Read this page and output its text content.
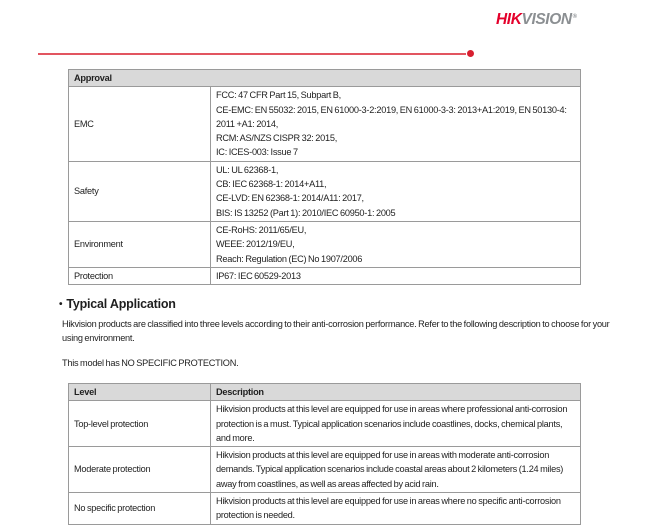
HIKVISION®
Approval	
EMC	FCC: 47 CFR Part 15, Subpart B,
CE-EMC: EN 55032: 2015, EN 61000-3-2:2019, EN 61000-3-3: 2013+A1:2019, EN 50130-4: 2011 +A1: 2014,
RCM: AS/NZS CISPR 32: 2015,
IC: ICES-003: Issue 7

Safety	UL: UL 62368-1,
CB: IEC 62368-1: 2014+A11,
CE-LVD: EN 62368-1: 2014/A11: 2017,
BIS: IS 13252 (Part 1): 2010/IEC 60950-1: 2005

Environment	CE-RoHS: 2011/65/EU,
WEEE: 2012/19/EU,
Reach: Regulation (EC) No 1907/2006

Protection	IP67: IEC 60529-2013
• Typical Application

Hikvision products are classified into three levels according to their anti-corrosion performance. Refer to the following description to choose for your using environment.

This model has NO SPECIFIC PROTECTION.

Level	Description
Top-level protection	Hikvision products at this level are equipped for use in areas where professional anti-corrosion protection is a must. Typical application scenarios include coastlines, docks, chemical plants, and more.
Moderate protection	Hikvision products at this level are equipped for use in areas with moderate anti-corrosion demands. Typical application scenarios include coastal areas about 2 kilometers (1.24 miles) away from coastlines, as well as areas affected by acid rain.
No specific protection	Hikvision products at this level are equipped for use in areas where no specific anti-corrosion protection is needed.
